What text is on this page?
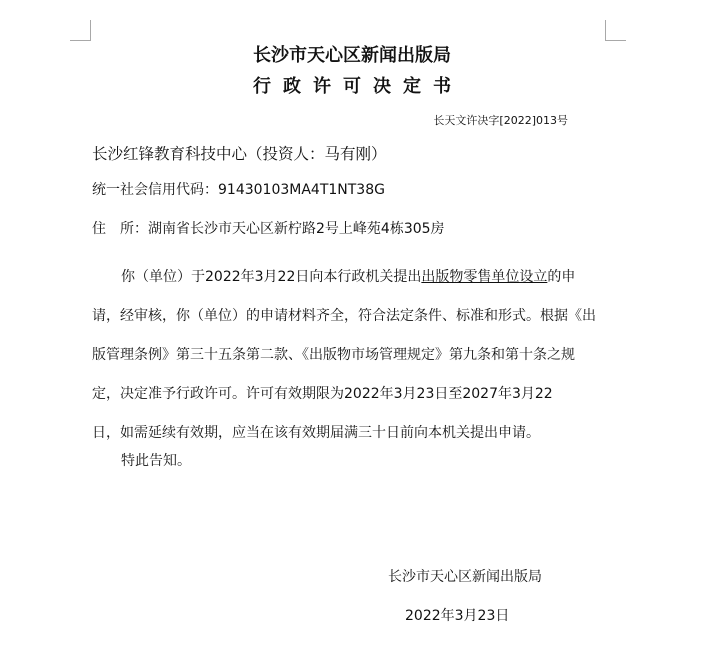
长沙市天心区新闻出版局
行政许可决定书
长天文许决字[2022]013号
长沙红锋教育科技中心（投资人：马有刚）
统一社会信用代码：91430103MA4T1NT38G
住　所：湖南省长沙市天心区新柠路2号上峰苑4栋305房
你（单位）于2022年3月22日向本行政机关提出出版物零售单位设立的申
请，经审核，你（单位）的申请材料齐全，符合法定条件、标准和形式。根据《出
版管理条例》第三十五条第二款、《出版物市场管理规定》第九条和第十条之规
定，决定准予行政许可。许可有效期限为2022年3月23日至2027年3月22
日，如需延续有效期，应当在该有效期届满三十日前向本机关提出申请。
特此告知。
长沙市天心区新闻出版局
2022年3月23日
